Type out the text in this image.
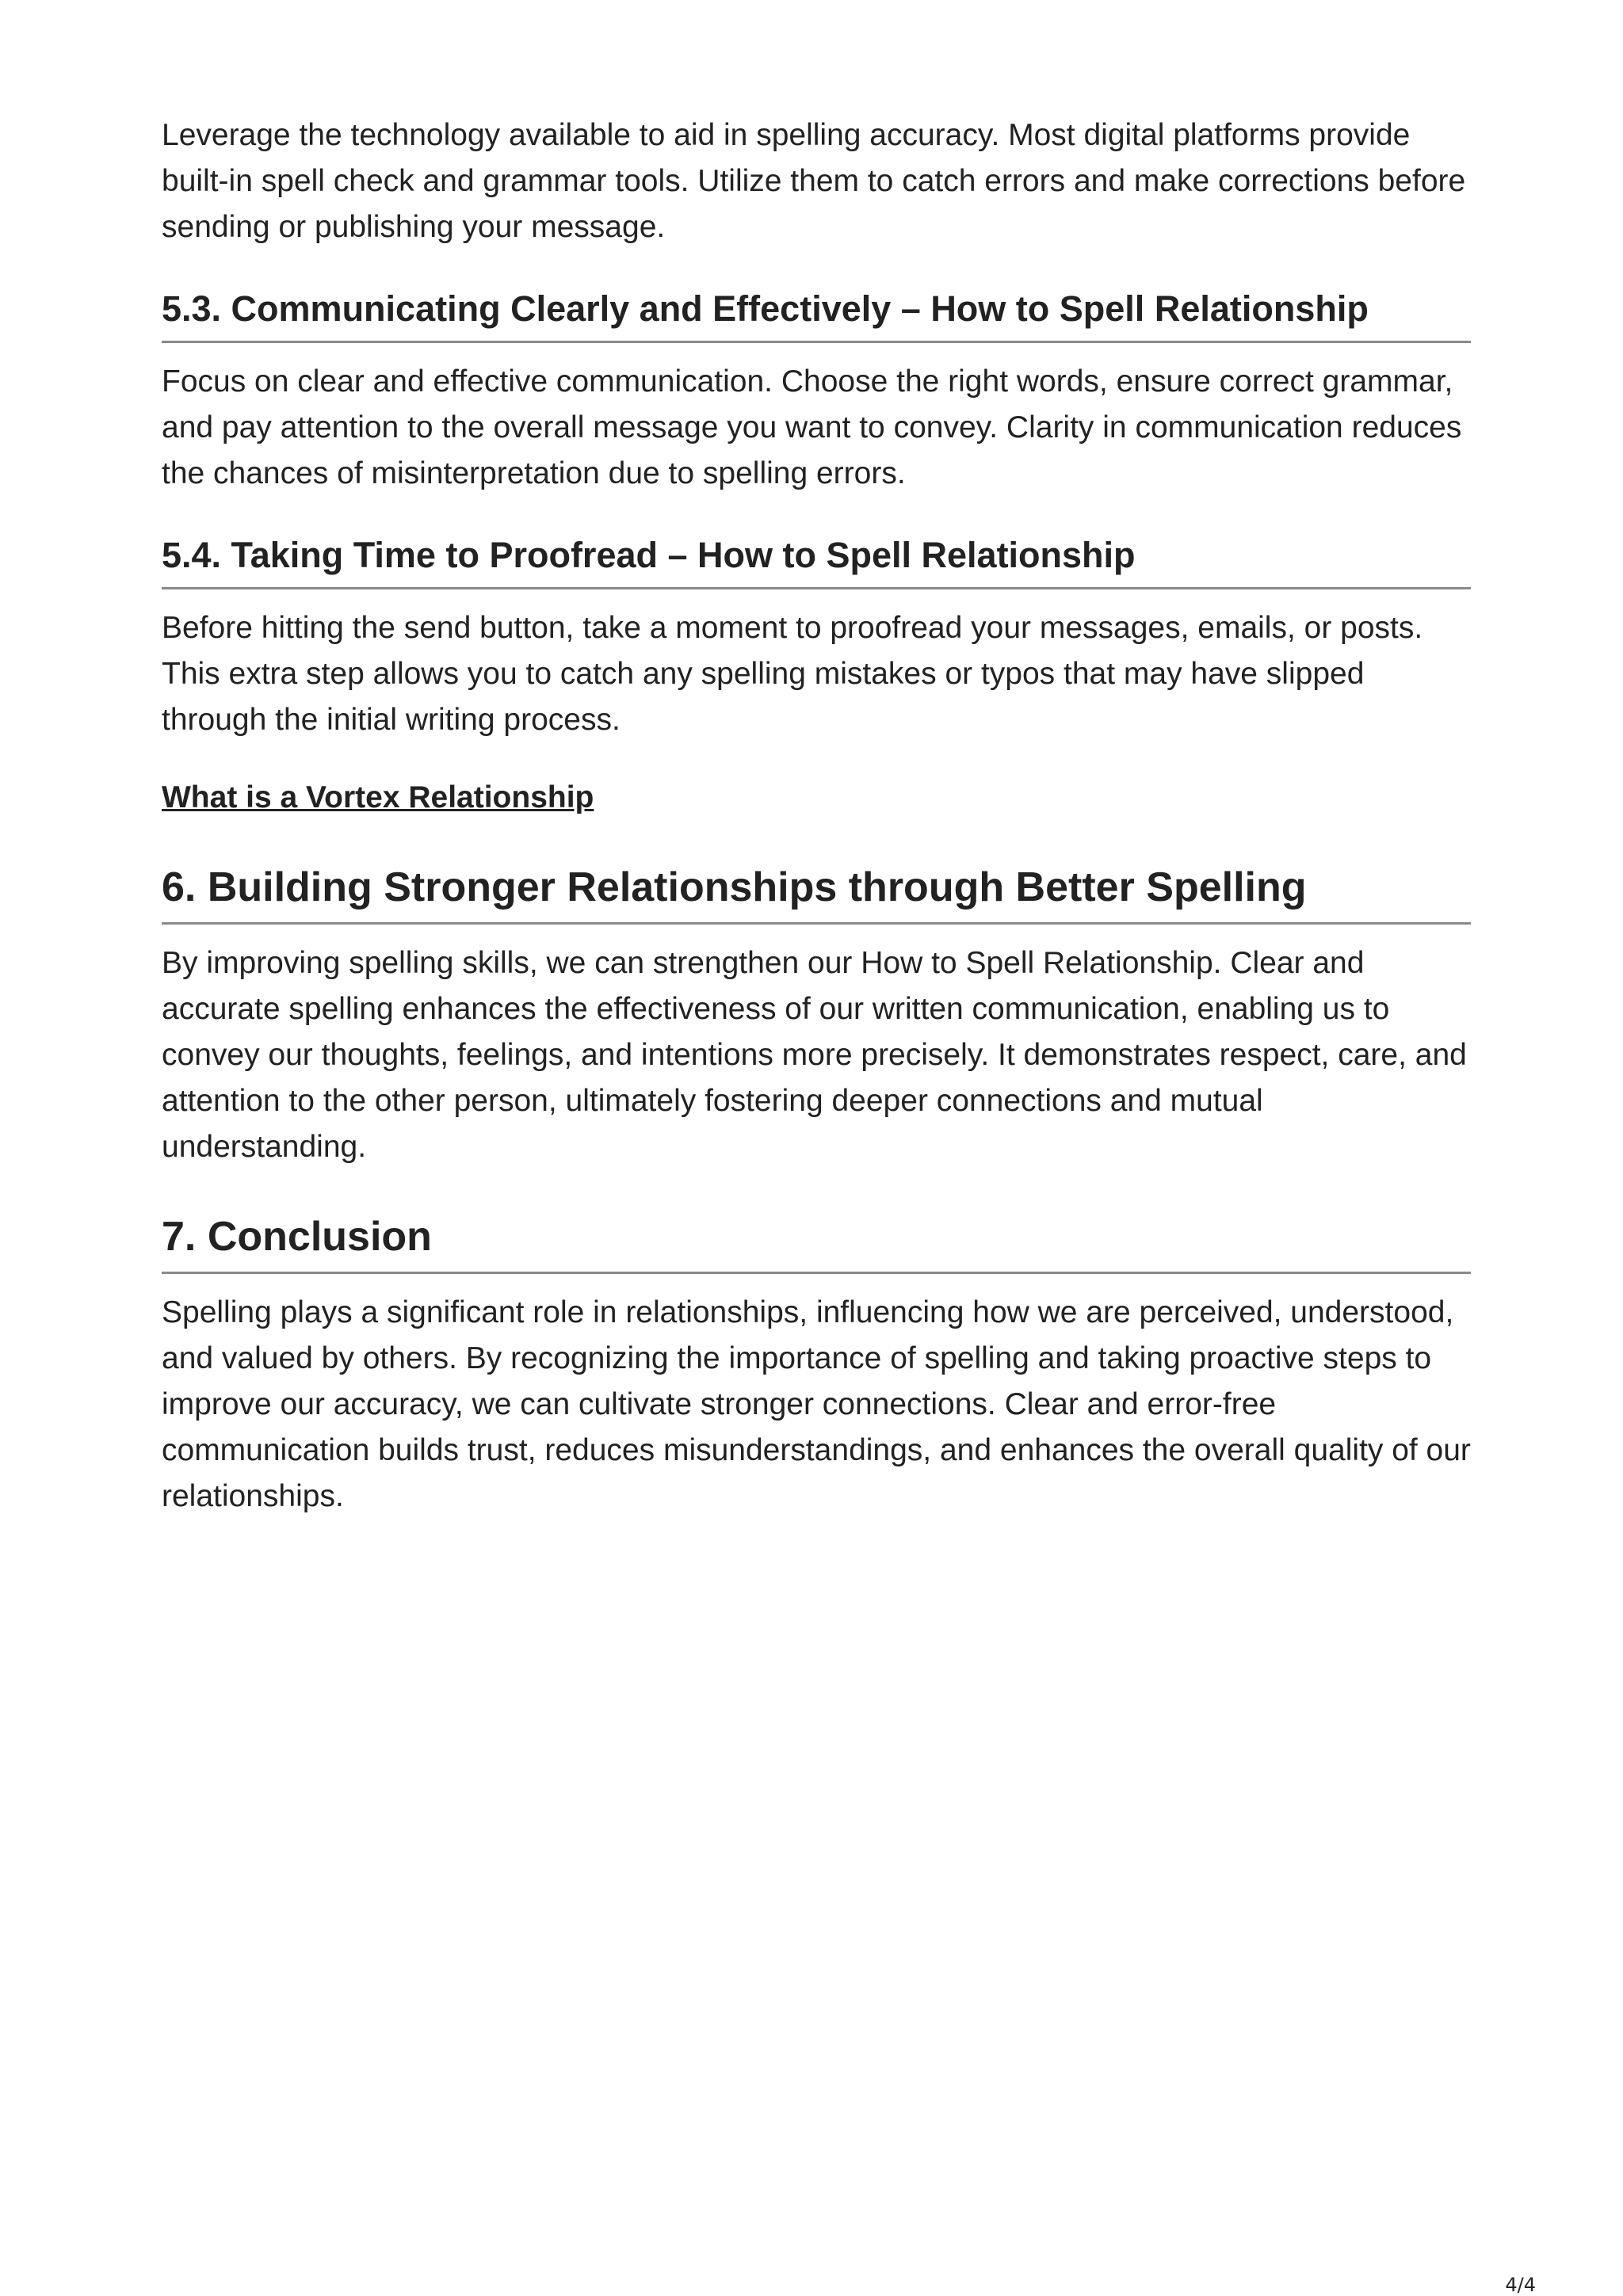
Leverage the technology available to aid in spelling accuracy. Most digital platforms provide built-in spell check and grammar tools. Utilize them to catch errors and make corrections before sending or publishing your message.

5.3. Communicating Clearly and Effectively – How to Spell Relationship

Focus on clear and effective communication. Choose the right words, ensure correct grammar, and pay attention to the overall message you want to convey. Clarity in communication reduces the chances of misinterpretation due to spelling errors.

5.4. Taking Time to Proofread – How to Spell Relationship

Before hitting the send button, take a moment to proofread your messages, emails, or posts. This extra step allows you to catch any spelling mistakes or typos that may have slipped through the initial writing process.

What is a Vortex Relationship
6. Building Stronger Relationships through Better Spelling

By improving spelling skills, we can strengthen our How to Spell Relationship. Clear and accurate spelling enhances the effectiveness of our written communication, enabling us to convey our thoughts, feelings, and intentions more precisely. It demonstrates respect, care, and attention to the other person, ultimately fostering deeper connections and mutual understanding.

7. Conclusion

Spelling plays a significant role in relationships, influencing how we are perceived, understood, and valued by others. By recognizing the importance of spelling and taking proactive steps to improve our accuracy, we can cultivate stronger connections. Clear and error-free communication builds trust, reduces misunderstandings, and enhances the overall quality of our relationships.

4/4
